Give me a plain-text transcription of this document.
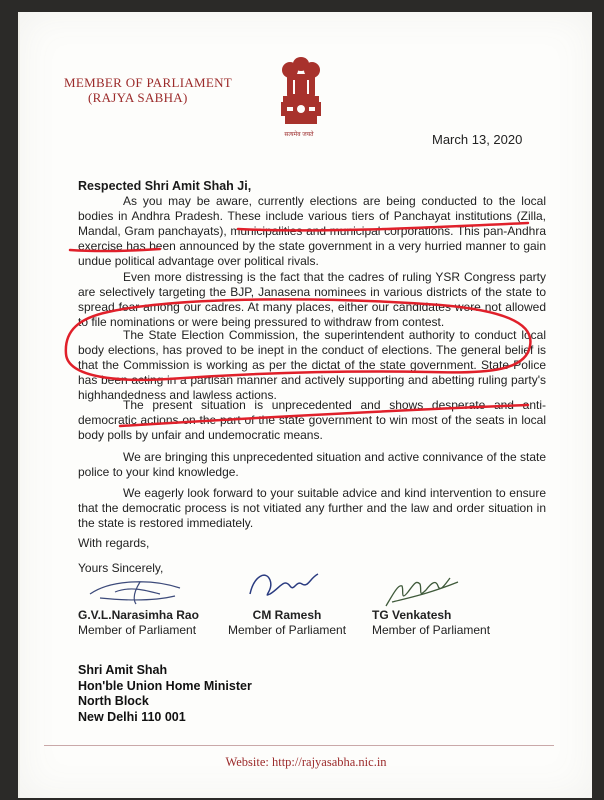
MEMBER OF PARLIAMENT
(RAJYA SABHA)
सत्यमेव जयते	March 13, 2020
Respected Shri Amit Shah Ji,
As you may be aware, currently elections are being conducted to the local bodies in Andhra Pradesh. These include various tiers of Panchayat institutions (Zilla, Mandal, Gram panchayats), municipalities and municipal corporations. This pan-Andhra exercise has been announced by the state government in a very hurried manner to gain undue political advantage over political rivals.
Even more distressing is the fact that the cadres of ruling YSR Congress party are selectively targeting the BJP, Janasena nominees in various districts of the state to spread fear among our cadres. At many places, either our candidates were not allowed to file nominations or were being pressured to withdraw from contest.
The State Election Commission, the superintendent authority to conduct local body elections, has proved to be inept in the conduct of elections. The general belief is that the Commission is working as per the dictat of the state government. State Police has been acting in a partisan manner and actively supporting and abetting ruling party's highhandedness and lawless actions.
The present situation is unprecedented and shows desperate and anti-democratic actions on the part of the state government to win most of the seats in local body polls by unfair and undemocratic means.
We are bringing this unprecedented situation and active connivance of the state police to your kind knowledge.
We eagerly look forward to your suitable advice and kind intervention to ensure that the democratic process is not vitiated any further and the law and order situation in the state is restored immediately.
With regards,
Yours Sincerely,
G.V.L.Narasimha Rao
Member of Parliament
CM Ramesh
Member of Parliament
TG Venkatesh
Member of Parliament
Shri Amit Shah
Hon'ble Union Home Minister
North Block
New Delhi 110 001
Website: http://rajyasabha.nic.in
